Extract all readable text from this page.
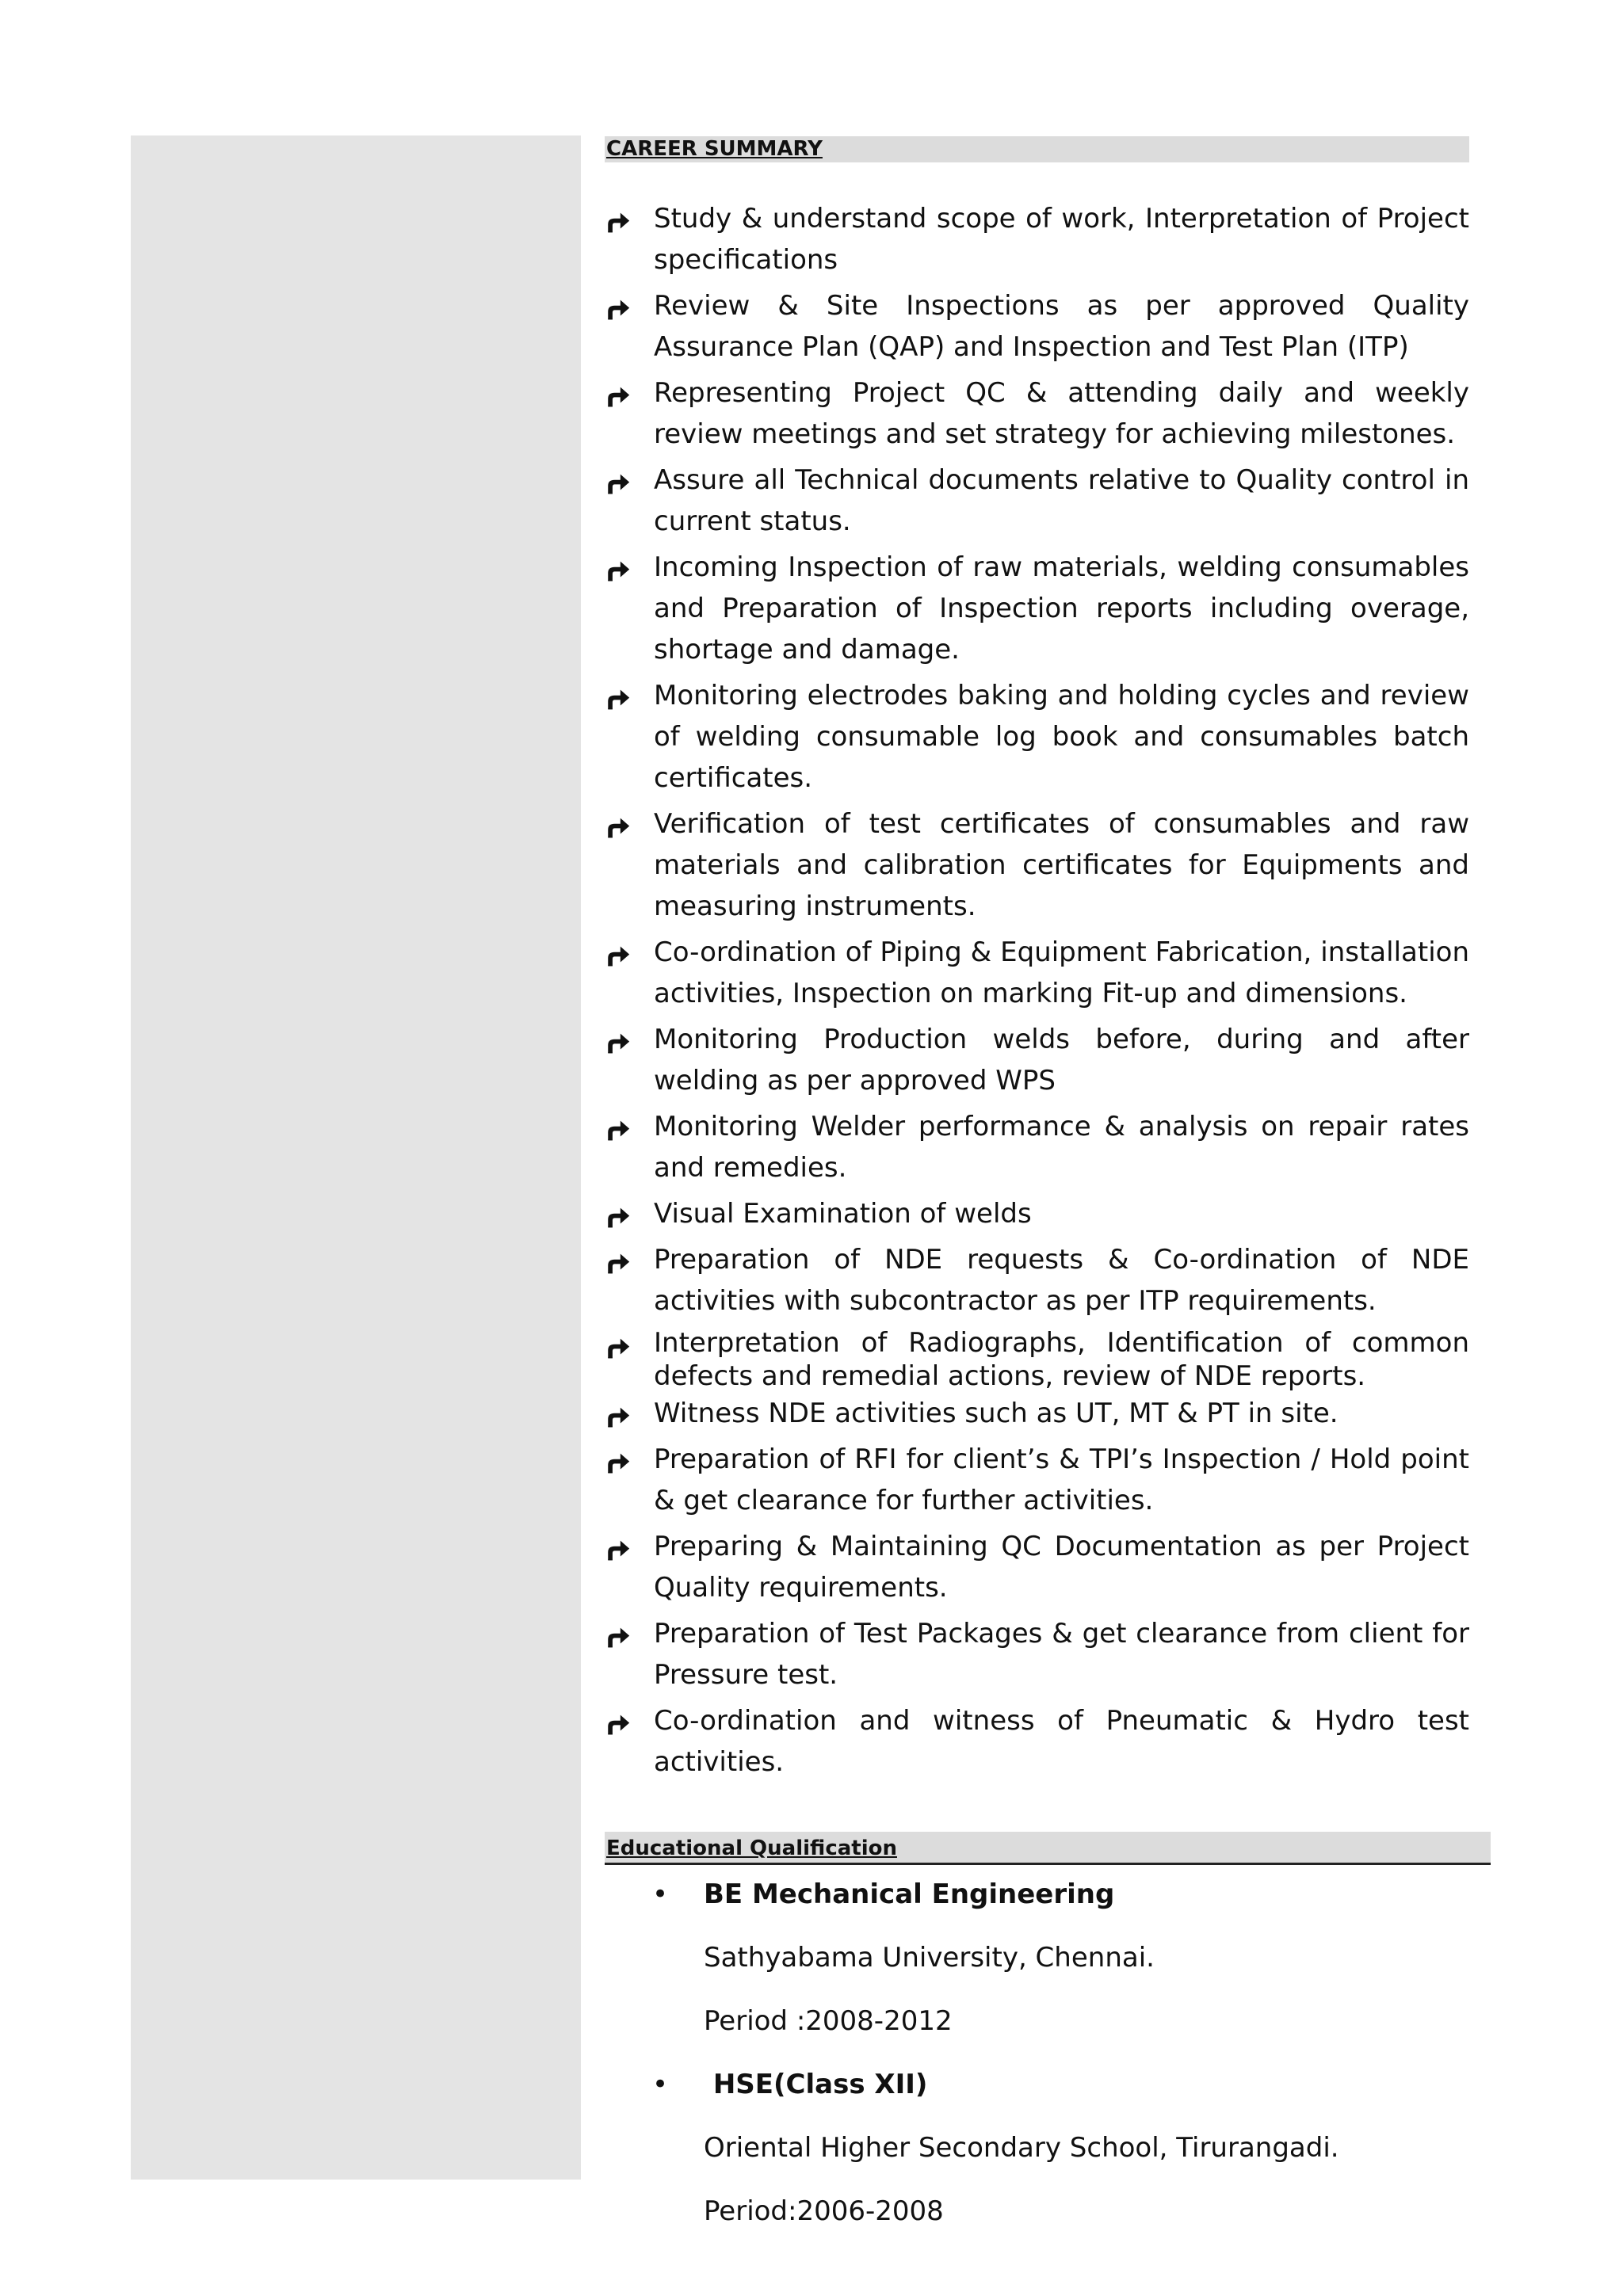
CAREER SUMMARY
Study & understand scope of work, Interpretation of Project specifications
Review & Site Inspections as per approved Quality Assurance Plan (QAP) and Inspection and Test Plan (ITP)
Representing Project QC & attending daily and weekly review meetings and set strategy for achieving milestones.
Assure all Technical documents relative to Quality control in current status.
Incoming Inspection of raw materials, welding consumables and Preparation of Inspection reports including overage, shortage and damage.
Monitoring electrodes baking and holding cycles and review of welding consumable log book and consumables batch certificates.
Verification of test certificates of consumables and raw materials and calibration certificates for Equipments and measuring instruments.
Co-ordination of Piping & Equipment Fabrication, installation activities, Inspection on marking Fit-up and dimensions.
Monitoring Production welds before, during and after welding as per approved WPS
Monitoring Welder performance & analysis on repair rates and remedies.
Visual Examination of welds
Preparation of NDE requests & Co-ordination of NDE activities with subcontractor as per ITP requirements.
Interpretation of Radiographs, Identification of common defects and remedial actions, review of NDE reports.
Witness NDE activities such as UT, MT & PT in site.
Preparation of RFI for client’s & TPI’s Inspection / Hold point & get clearance for further activities.
Preparing & Maintaining QC Documentation as per Project Quality requirements.
Preparation of Test Packages & get clearance from client for Pressure test.
Co-ordination and witness of Pneumatic & Hydro test activities.
Educational Qualification
• BE Mechanical Engineering
Sathyabama University, Chennai.
Period :2008-2012
• HSE(Class XII)
Oriental Higher Secondary School, Tirurangadi.
Period:2006-2008
